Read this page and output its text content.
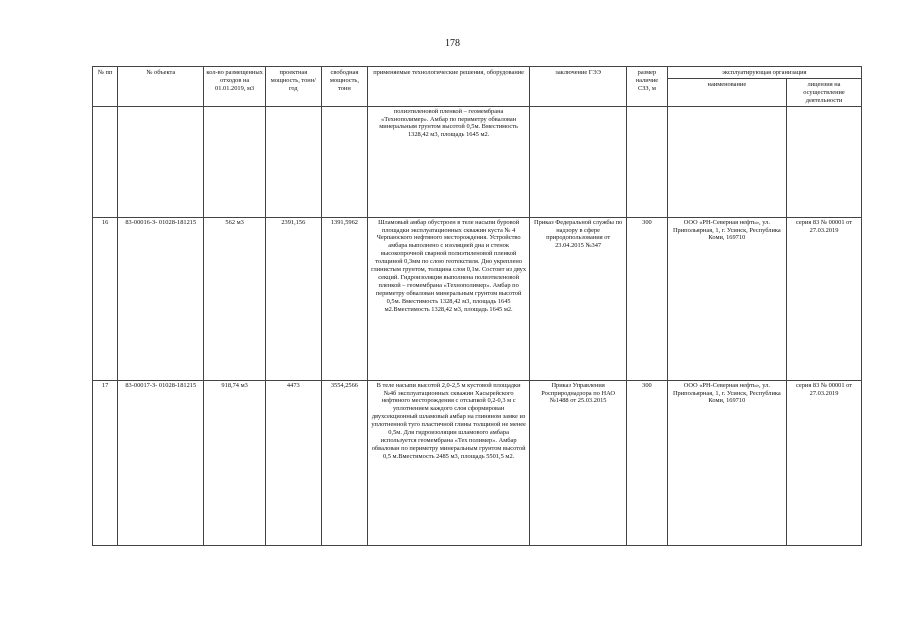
178
№ пп	№ объекта	кол-во размещенных отходов на 01.01.2019, м3	проектная мощность, тонн/год	свободная мощность, тонн	применяемые технологические решения, оборудование	заключение ГЭЭ	размер наличие СЗЗ, м	эксплуатирующая организация	
								наименование	лицензия на осуществление деятельности
					полиэтиленовой пленкой – геомембрана «Технополимер». Амбар по периметру обвалован минеральным грунтом высотой 0,5м. Вместимость 1328,42 м3, площадь 1645 м2.				
16	83-00016-З- 01028-181215	562 м3	2391,156	1391,5962	Шламовый амбар обустроен в теле насыпи буровой площадки эксплуатационных скважин куста № 4 Черпаюского нефтяного месторождения. Устройство амбара выполнено с изоляцией дна и стенок высокопрочной сварной полиэтиленовой пленкой толщиной 0,3мм по слою геотекстиля. Дно укреплено глинистым грунтом, толщина слоя 0,1м. Состоит из двух секций. Гидроизоляция выполнена полиэтиленовой пленкой – геомембрана «Технополимер». Амбар по периметру обвалован минеральным грунтом высотой 0,5м. Вместимость 1328,42 м3, площадь 1645 м2.Вместимость 1328,42 м3, площадь 1645 м2.	Приказ Федеральной службы по надзору в сфере природопользования от 23.04.2015 №347	300	ООО «РН-Северная нефть», ул. Припольярная, 1, г. Усинск, Республика Коми, 169710	серия 83 № 00001 от 27.03.2019
17	83-00017-З- 01028-181215	918,74 м3	4473	3554,2566	В теле насыпи высотой 2,0-2,5 м кустовой площадки №4б эксплуатационных скважин Хасырейского нефтяного месторождения с отсыпкой 0,2-0,3 м с уплотнением каждого слоя сформирован двухсекционный шламовый амбар на глиняном замке из уплотненной туго пластичной глины толщиной не менее 0,5м. Для гидроизоляции шламового амбара используется геомембрана «Тех полимер». Амбар обвалован по периметру минеральным грунтом высотой 0,5 м.Вместимость 2485 м3, площадь 5501,5 м2.	Приказ Управления Росприроднадзора по НАО №1488 от 25.03.2015	300	ООО «РН-Северная нефть», ул. Припольярная, 1, г. Усинск, Республика Коми, 169710	серия 83 № 00001 от 27.03.2019
